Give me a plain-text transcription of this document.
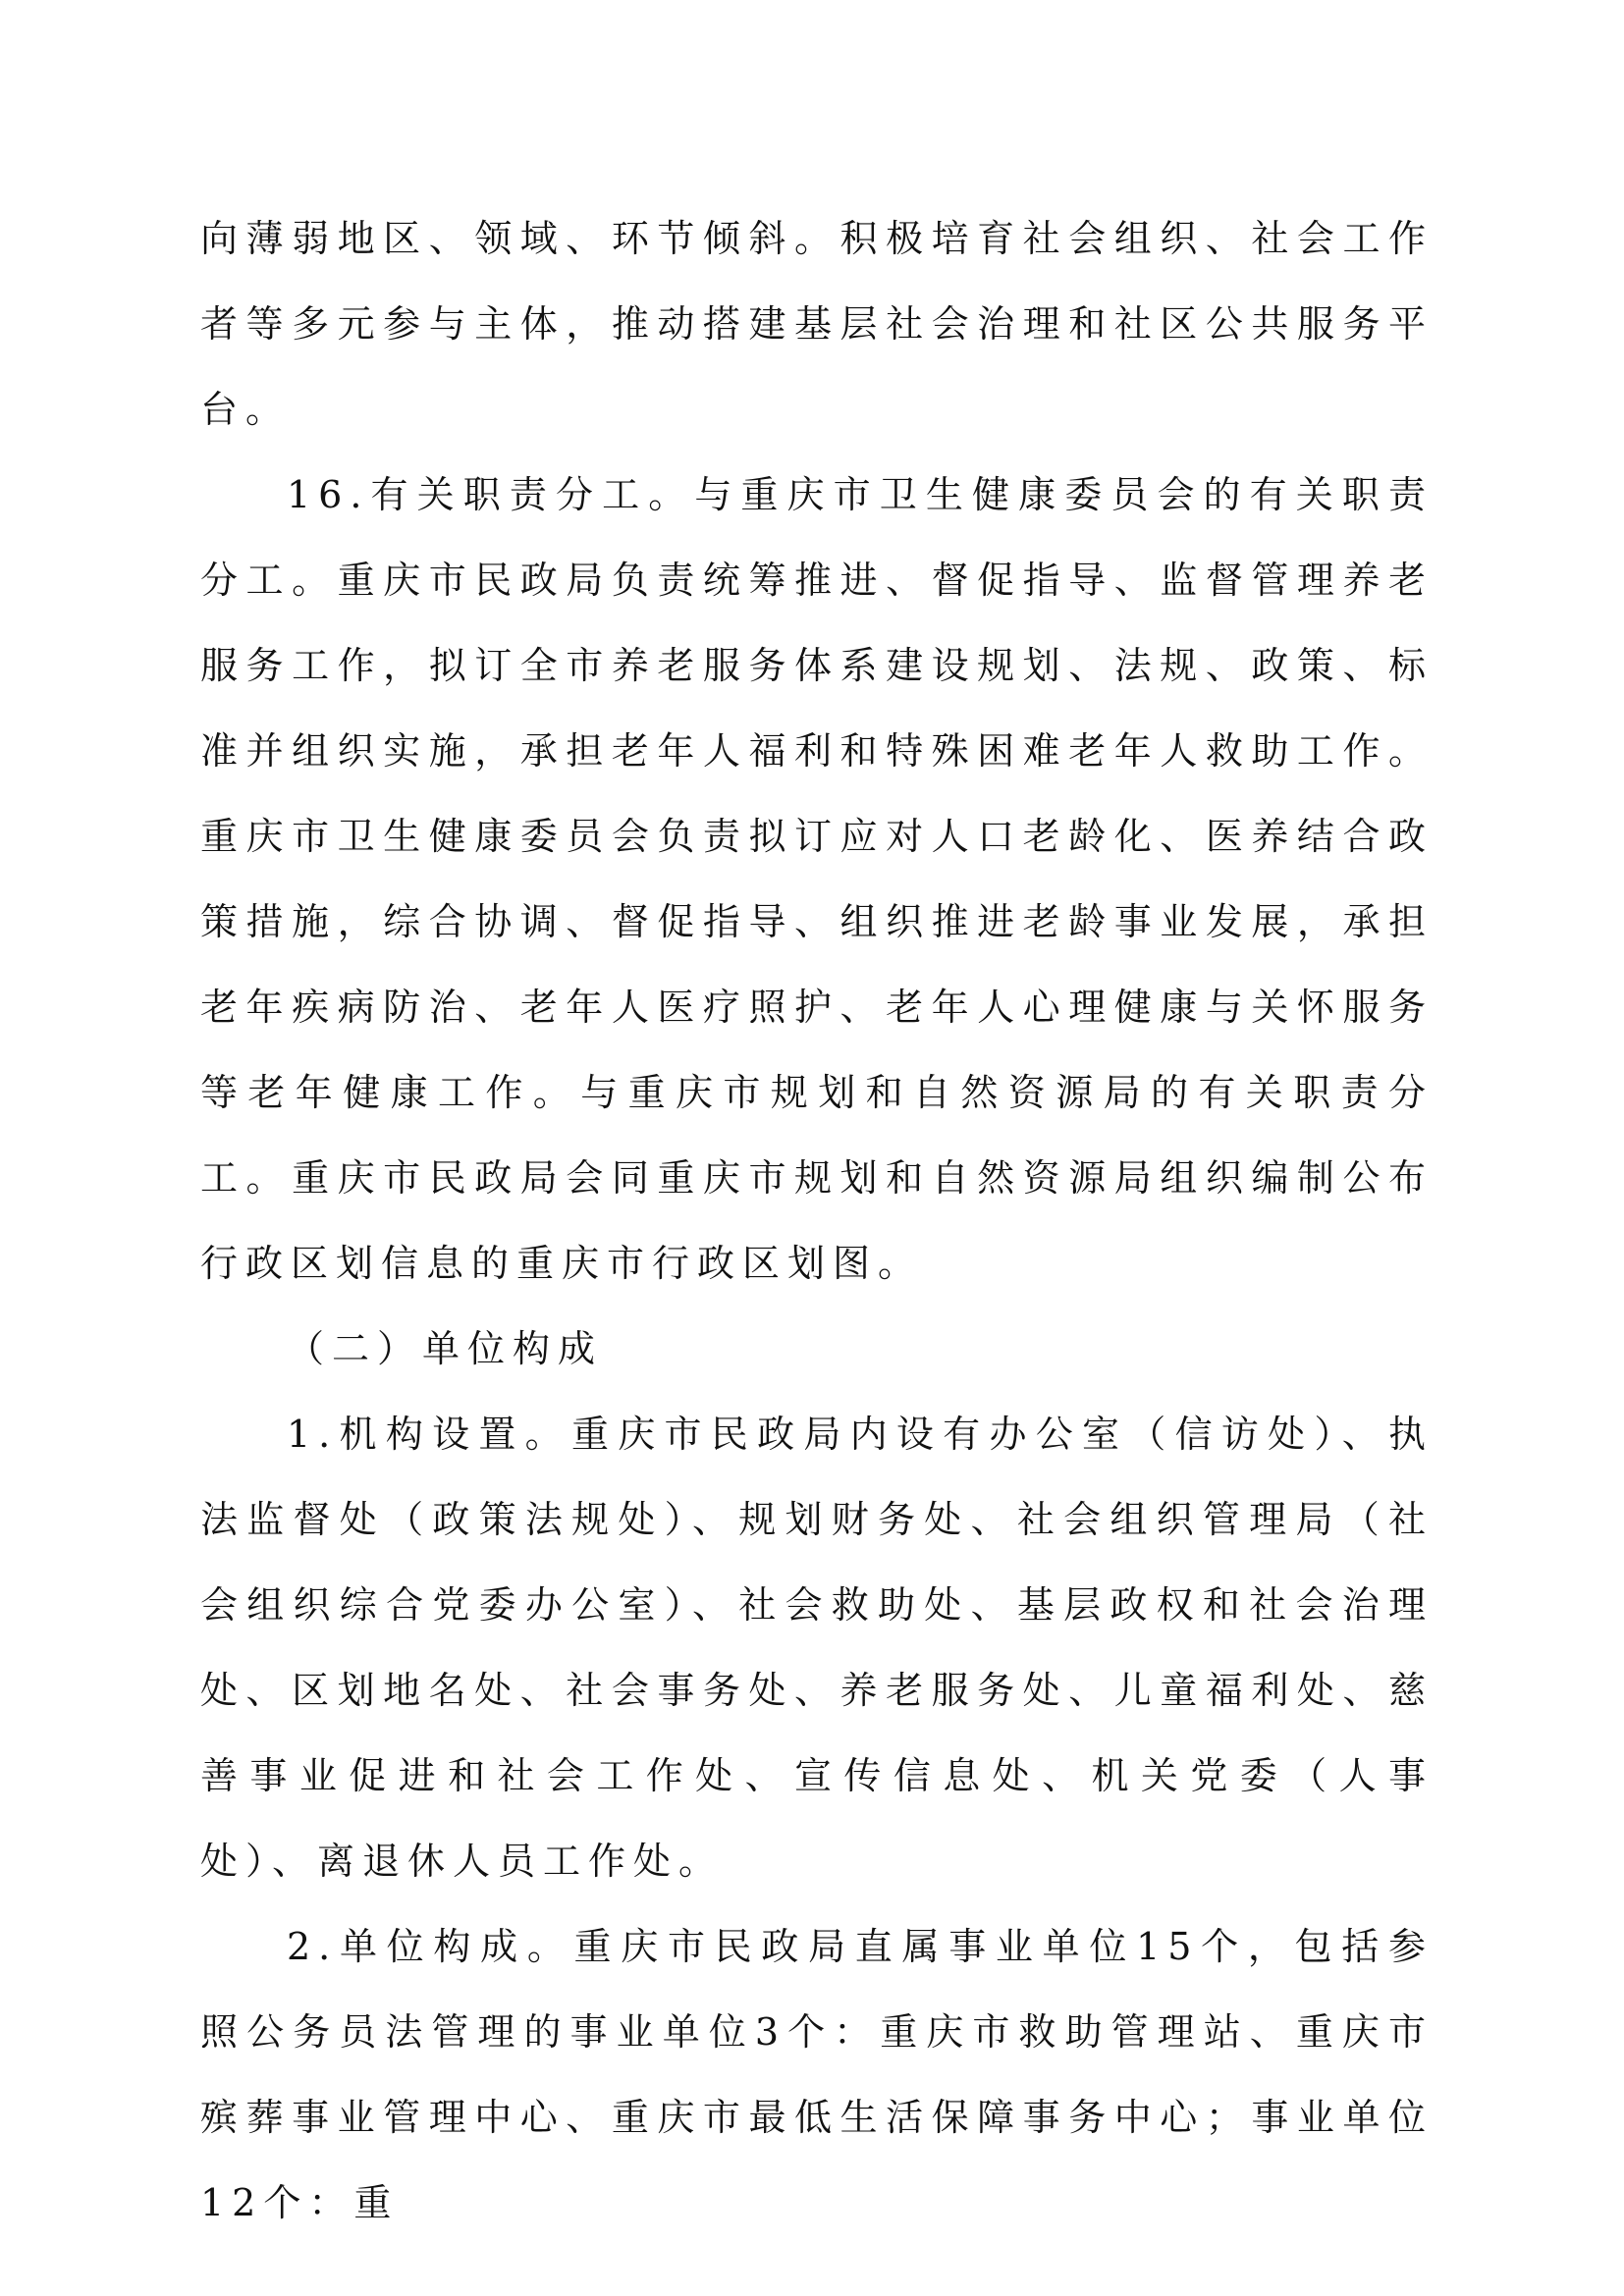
向薄弱地区、领域、环节倾斜。积极培育社会组织、社会工作者等多元参与主体，推动搭建基层社会治理和社区公共服务平台。

16.有关职责分工。与重庆市卫生健康委员会的有关职责分工。重庆市民政局负责统筹推进、督促指导、监督管理养老服务工作，拟订全市养老服务体系建设规划、法规、政策、标准并组织实施，承担老年人福利和特殊困难老年人救助工作。重庆市卫生健康委员会负责拟订应对人口老龄化、医养结合政策措施，综合协调、督促指导、组织推进老龄事业发展，承担老年疾病防治、老年人医疗照护、老年人心理健康与关怀服务等老年健康工作。与重庆市规划和自然资源局的有关职责分工。重庆市民政局会同重庆市规划和自然资源局组织编制公布行政区划信息的重庆市行政区划图。

（二）单位构成

1.机构设置。重庆市民政局内设有办公室（信访处）、执法监督处（政策法规处）、规划财务处、社会组织管理局（社会组织综合党委办公室）、社会救助处、基层政权和社会治理处、区划地名处、社会事务处、养老服务处、儿童福利处、慈善事业促进和社会工作处、宣传信息处、机关党委（人事处）、离退休人员工作处。

2.单位构成。重庆市民政局直属事业单位15个，包括参照公务员法管理的事业单位3个：重庆市救助管理站、重庆市殡葬事业管理中心、重庆市最低生活保障事务中心；事业单位12个：重
